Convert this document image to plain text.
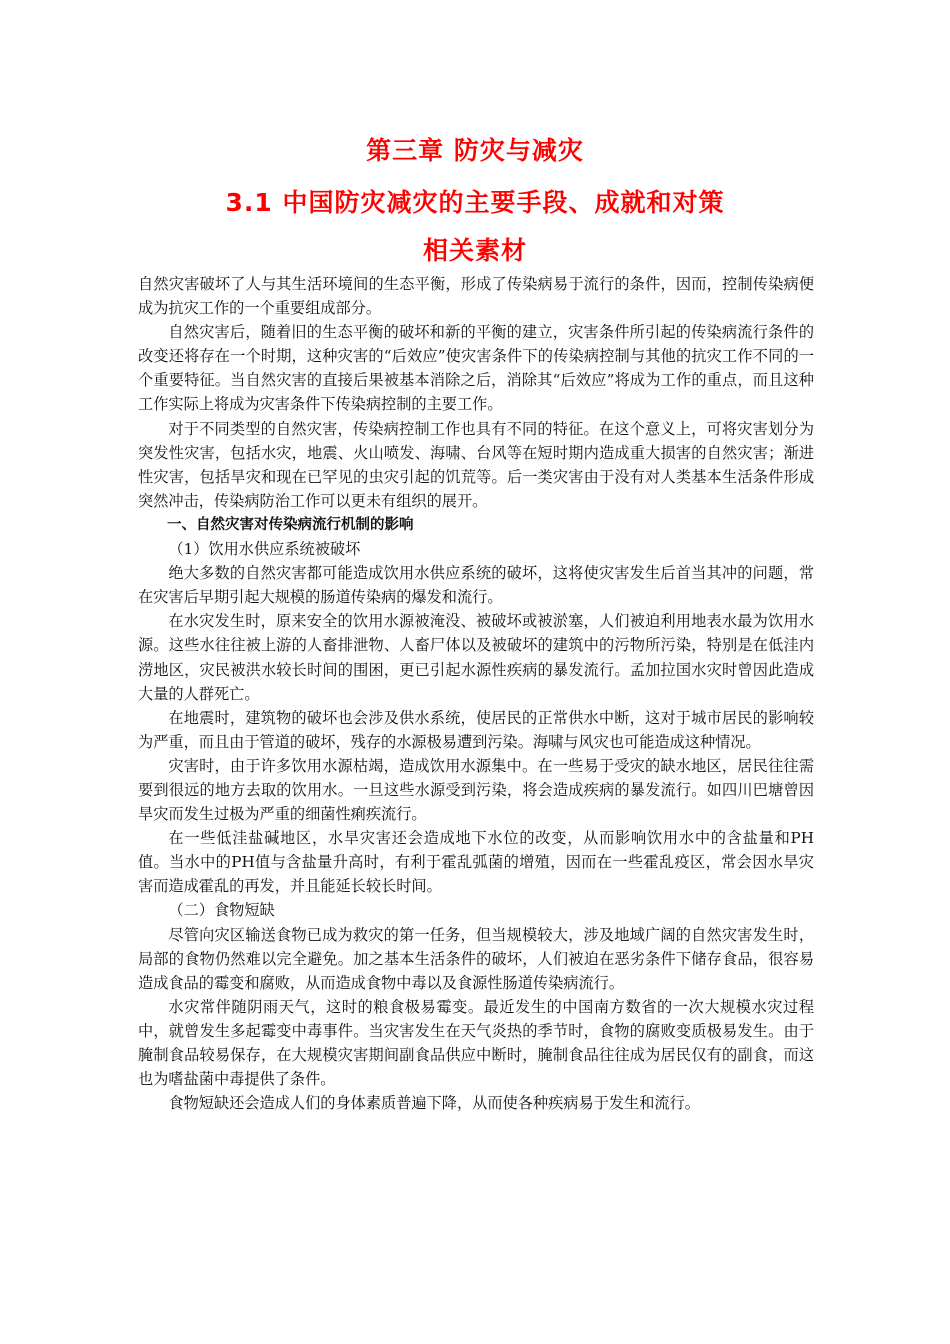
第三章 防灾与减灾
3.1 中国防灾减灾的主要手段、成就和对策
相关素材

自然灾害破坏了人与其生活环境间的生态平衡，形成了传染病易于流行的条件，因而，控制传染病便成为抗灾工作的一个重要组成部分。

自然灾害后，随着旧的生态平衡的破坏和新的平衡的建立，灾害条件所引起的传染病流行条件的改变还将存在一个时期，这种灾害的“后效应”使灾害条件下的传染病控制与其他的抗灾工作不同的一个重要特征。当自然灾害的直接后果被基本消除之后，消除其“后效应”将成为工作的重点，而且这种工作实际上将成为灾害条件下传染病控制的主要工作。

对于不同类型的自然灾害，传染病控制工作也具有不同的特征。在这个意义上，可将灾害划分为突发性灾害，包括水灾，地震、火山喷发、海啸、台风等在短时期内造成重大损害的自然灾害；渐进性灾害，包括旱灾和现在已罕见的虫灾引起的饥荒等。后一类灾害由于没有对人类基本生活条件形成突然冲击，传染病防治工作可以更未有组织的展开。

一、自然灾害对传染病流行机制的影响

（1）饮用水供应系统被破坏

绝大多数的自然灾害都可能造成饮用水供应系统的破坏，这将使灾害发生后首当其冲的问题，常在灾害后早期引起大规模的肠道传染病的爆发和流行。

在水灾发生时，原来安全的饮用水源被淹没、被破坏或被淤塞，人们被迫利用地表水最为饮用水源。这些水往往被上游的人畜排泄物、人畜尸体以及被破坏的建筑中的污物所污染，特别是在低洼内涝地区，灾民被洪水较长时间的围困，更已引起水源性疾病的暴发流行。孟加拉国水灾时曾因此造成大量的人群死亡。

在地震时，建筑物的破坏也会涉及供水系统，使居民的正常供水中断，这对于城市居民的影响较为严重，而且由于管道的破坏，残存的水源极易遭到污染。海啸与风灾也可能造成这种情况。

灾害时，由于许多饮用水源枯竭，造成饮用水源集中。在一些易于受灾的缺水地区，居民往往需要到很远的地方去取的饮用水。一旦这些水源受到污染，将会造成疾病的暴发流行。如四川巴塘曾因旱灾而发生过极为严重的细菌性痢疾流行。

在一些低洼盐碱地区，水旱灾害还会造成地下水位的改变，从而影响饮用水中的含盐量和PH值。当水中的PH值与含盐量升高时，有利于霍乱弧菌的增殖，因而在一些霍乱疫区，常会因水旱灾害而造成霍乱的再发，并且能延长较长时间。

（二）食物短缺

尽管向灾区输送食物已成为救灾的第一任务，但当规模较大，涉及地域广阔的自然灾害发生时，局部的食物仍然难以完全避免。加之基本生活条件的破坏，人们被迫在恶劣条件下储存食品，很容易造成食品的霉变和腐败，从而造成食物中毒以及食源性肠道传染病流行。

水灾常伴随阴雨天气，这时的粮食极易霉变。最近发生的中国南方数省的一次大规模水灾过程中，就曾发生多起霉变中毒事件。当灾害发生在天气炎热的季节时，食物的腐败变质极易发生。由于腌制食品较易保存，在大规模灾害期间副食品供应中断时，腌制食品往往成为居民仅有的副食，而这也为嗜盐菌中毒提供了条件。

食物短缺还会造成人们的身体素质普遍下降，从而使各种疾病易于发生和流行。
